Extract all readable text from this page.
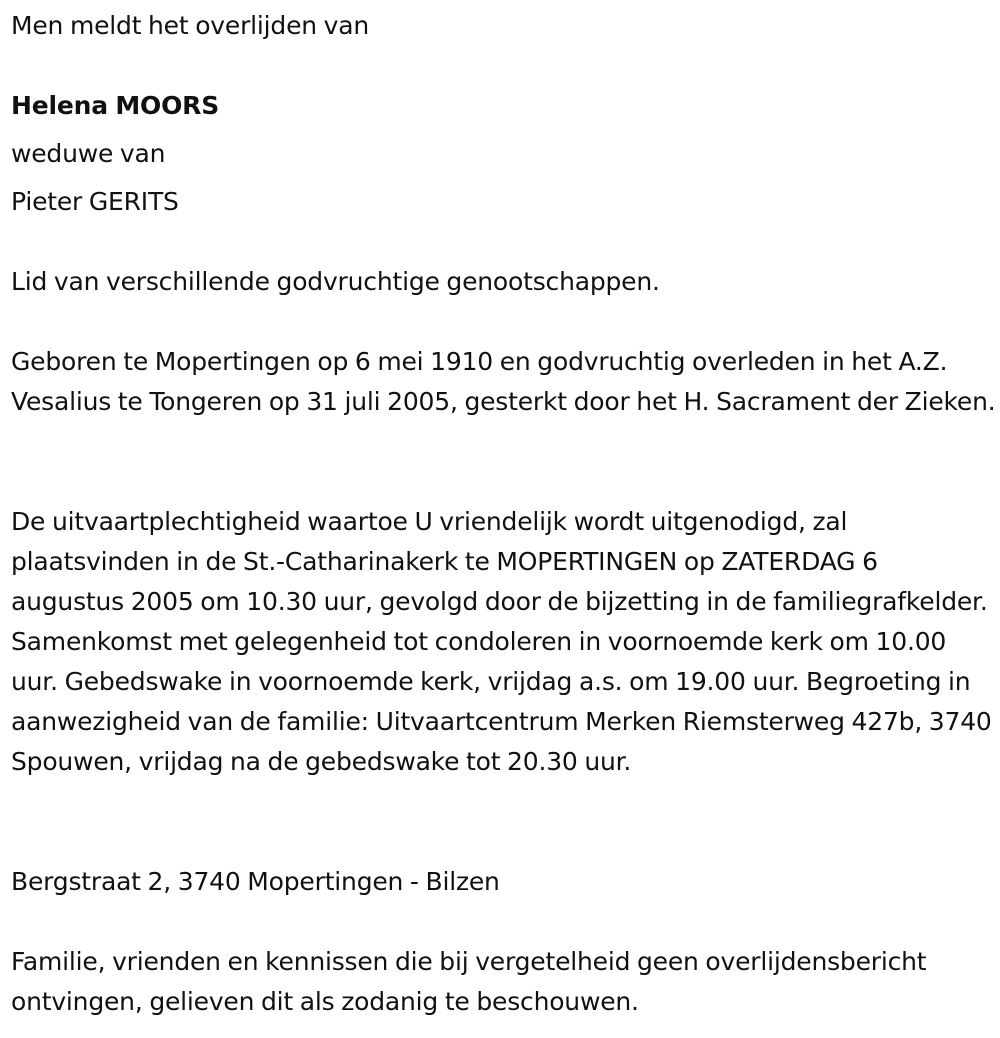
Men meldt het overlijden van

Helena MOORS

weduwe van

Pieter GERITS

Lid van verschillende godvruchtige genootschappen.

Geboren te Mopertingen op 6 mei 1910 en godvruchtig overleden in het A.Z. Vesalius te Tongeren op 31 juli 2005, gesterkt door het H. Sacrament der Zieken.

De uitvaartplechtigheid waartoe U vriendelijk wordt uitgenodigd, zal plaatsvinden in de St.-Catharinakerk te MOPERTINGEN op ZATERDAG 6 augustus 2005 om 10.30 uur, gevolgd door de bijzetting in de familiegrafkelder. Samenkomst met gelegenheid tot condoleren in voornoemde kerk om 10.00 uur. Gebedswake in voornoemde kerk, vrijdag a.s. om 19.00 uur. Begroeting in aanwezigheid van de familie: Uitvaartcentrum Merken Riemsterweg 427b, 3740 Spouwen, vrijdag na de gebedswake tot 20.30 uur.

Bergstraat 2, 3740 Mopertingen - Bilzen

Familie, vrienden en kennissen die bij vergetelheid geen overlijdensbericht ontvingen, gelieven dit als zodanig te beschouwen.
